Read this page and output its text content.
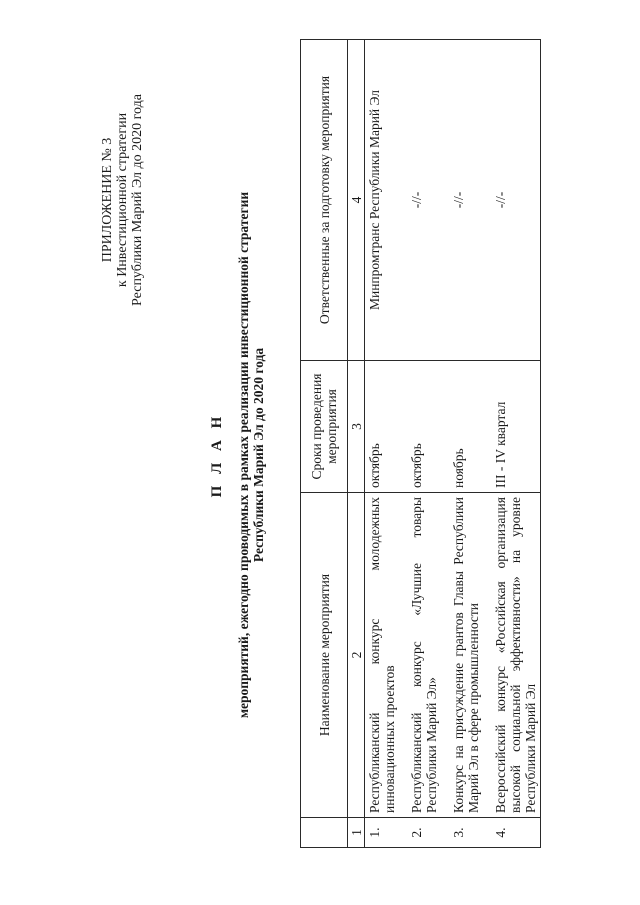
ПРИЛОЖЕНИЕ № 3 к Инвестиционной стратегии Республики Марий Эл до 2020 года
П Л А Н мероприятий, ежегодно проводимых в рамках реализации инвестиционной стратегии Республики Марий Эл до 2020 года
	Наименование мероприятия	Сроки проведения мероприятия	Ответственные за подготовку мероприятия
1	2	3	4
1.	Республиканский конкурс молодежных инновационных проектов	октябрь	Минпромтранс Республики Марий Эл
2.	Республиканский конкурс «Лучшие товары Республики Марий Эл»	октябрь	-//-
3.	Конкурс на присуждение грантов Главы Республики Марий Эл в сфере промышленности	ноябрь	-//-
4.	Всероссийский конкурс «Российская организация высокой социальной эффективности» на уровне Республики Марий Эл	III - IV квартал	-//-
